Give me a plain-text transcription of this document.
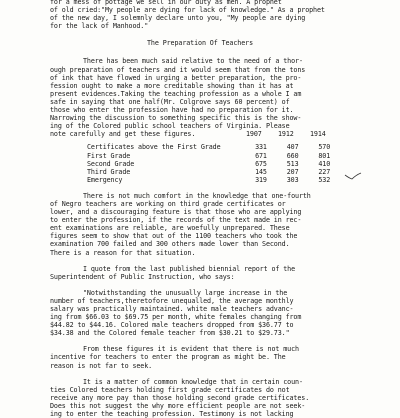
for a mess of pottage we sell in our duty as men. A prophet
of old cried:"My people are dying for lack of knowledge." As a prophet
of the new day, I solemnly declare unto you, "My people are dying
for the lack of Manhood."
The Preparation Of Teachers
There has been much said relative to the need of a thor-
ough preparation of teachers and it would seem that from the tons
of ink that have flowed in urging a better preparation, the pro-
fession ought to make a more creditable showing than it has at
present evidences.Taking the teaching profession as a whole I am
safe in saying that one half(Mr. Colgrove says 60 percent) of
those who enter the profession have had no preparation for it.
Narrowing the discussion to something specific this is the show-
ing of the Colored public school teachers of Virginia. Please
note carefully and get these figures.	1907	1912	1914
Certificates above the First Grade	331	407	570
First Grade	671	660	801
Second Grade	675	513	410
Third Grade	145	207	227
Emergency	319	303	532
There is not much comfort in the knowledge that one-fourth
of Negro teachers are working on third grade certificates or
lower, and a discouraging feature is that those who are applying
to enter the profession, if the records of the text made in rec-
ent examinations are reliable, are woefully unprepared. These
figures seem to show that out of the 1100 teachers who took the
examination 700 failed and 300 others made lower than Second.
There is a reason for that situation.
I quote from the last published biennial report of the
Superintendent of Public Instruction, who says:
"Notwithstanding the unusually large increase in the
number of teachers,theretofore unequalled, the average monthly
salary was practically maintained. white male teachers advanc-
ing from $66.03 to $69.75 per month, white females changing from
$44.82 to $44.16. Colored male teachers dropped from $36.77 to
$34.38 and the Colored female teacher from $30.21 to $29.73."
From these figures it is evident that there is not much
incentive for teachers to enter the program as might be. The
reason is not far to seek.
It is a matter of common knowledge that in certain coun-
ties Colored teachers holding first grade certificates do not
receive any more pay than those holding second grade certificates.
Does this not suggest the why more efficient people are not seek-
ing to enter the teaching profession. Testimony is not lacking
